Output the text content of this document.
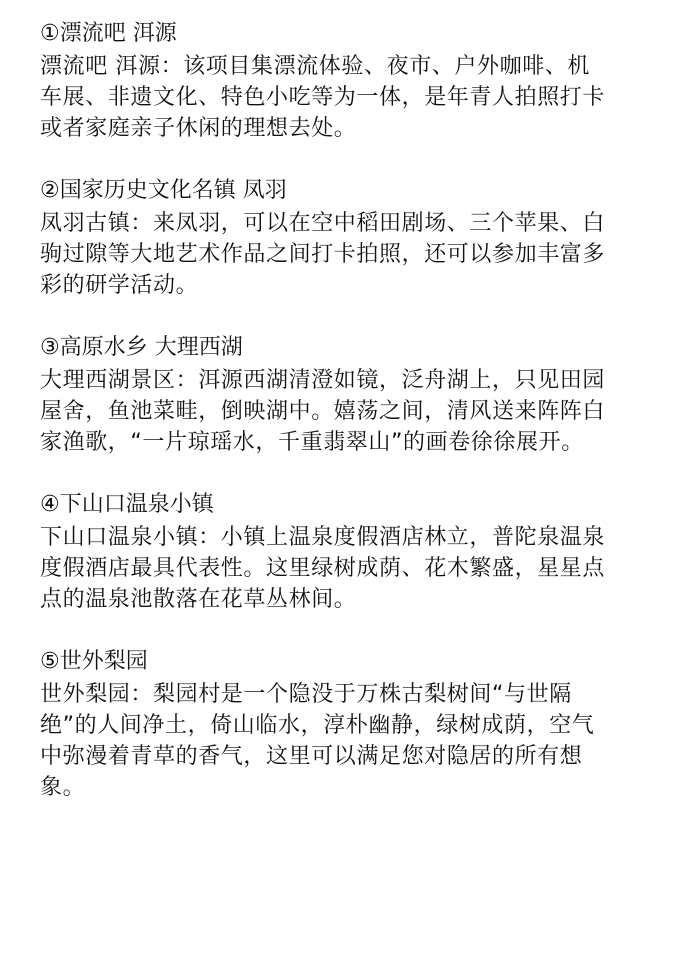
①漂流吧 洱源

漂流吧 洱源：该项目集漂流体验、夜市、户外咖啡、机

车展、非遗文化、特色小吃等为一体，是年青人拍照打卡

或者家庭亲子休闲的理想去处。

②国家历史文化名镇 凤羽

凤羽古镇：来凤羽，可以在空中稻田剧场、三个苹果、白

驹过隙等大地艺术作品之间打卡拍照，还可以参加丰富多

彩的研学活动。

③高原水乡 大理西湖

大理西湖景区：洱源西湖清澄如镜，泛舟湖上，只见田园

屋舍，鱼池菜畦，倒映湖中。嬉荡之间，清风送来阵阵白

家渔歌，“一片琼瑶水，千重翡翠山”的画卷徐徐展开。

④下山口温泉小镇

下山口温泉小镇：小镇上温泉度假酒店林立，普陀泉温泉

度假酒店最具代表性。这里绿树成荫、花木繁盛，星星点

点的温泉池散落在花草丛林间。

⑤世外梨园

世外梨园：梨园村是一个隐没于万株古梨树间“与世隔

绝”的人间净土，倚山临水，淳朴幽静，绿树成荫，空气

中弥漫着青草的香气，这里可以满足您对隐居的所有想

象。
